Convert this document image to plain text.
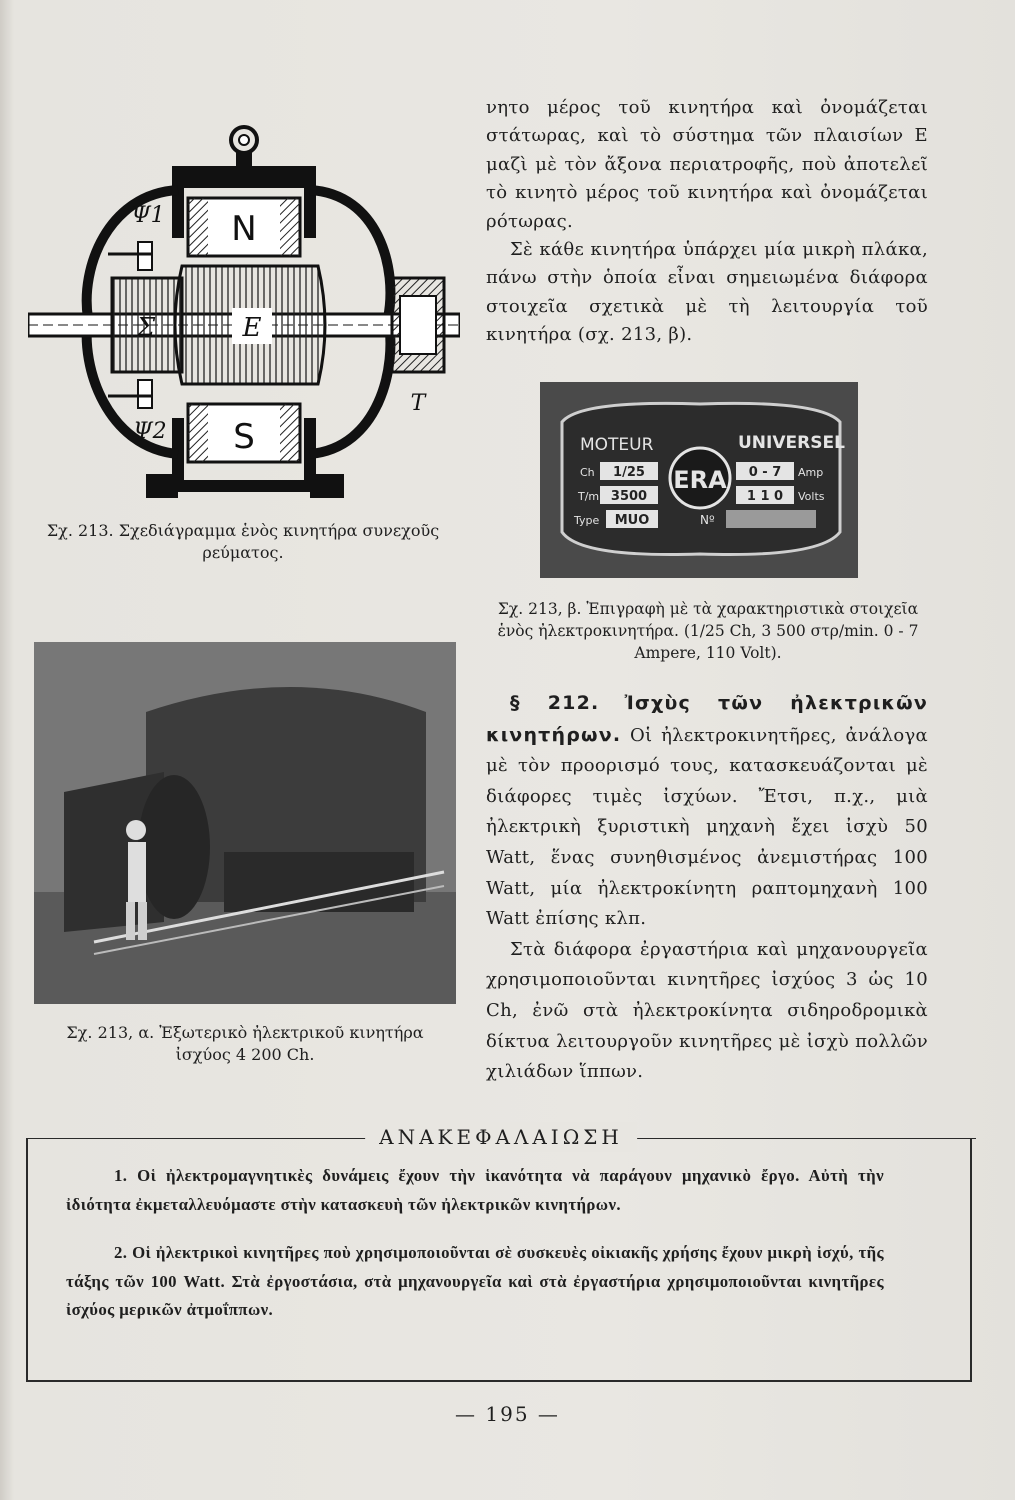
N
S
Σ	E
Ψ1
Ψ2
T
Σχ. 213. Σχεδιάγραμμα ἑνὸς κινητήρα συνεχοῦς ρεύματος.
Σχ. 213, α. Ἐξωτερικὸ ἠλεκτρικοῦ κινητήρα
ἰσχύος 4 200 Ch.

νητο μέρος τοῦ κινητήρα καὶ ὀνομάζεται στάτωρας, καὶ τὸ σύστημα τῶν πλαισίων Ε μαζὶ μὲ τὸν ἄξονα περιατροφῆς, ποὺ ἀποτελεῖ τὸ κινητὸ μέρος τοῦ κινητήρα καὶ ὀνομάζεται ρότωρας.

Σὲ κάθε κινητήρα ὑπάρχει μία μικρὴ πλάκα, πάνω στὴν ὁποία εἶναι σημειωμένα διάφορα στοιχεῖα σχετικὰ μὲ τὴ λειτουργία τοῦ κινητήρα (σχ. 213, β).

MOTEUR	UNIVERSEL
ERA
Ch 1/25
T/m 3500
Type MUO
0 - 7 Amp
1 1 0 Volts
Nº
Σχ. 213, β. Ἐπιγραφὴ μὲ τὰ χαρακτηριστικὰ στοιχεῖα ἑνὸς ἠλεκτροκινητήρα. (1/25 Ch, 3 500 στρ/min. 0 - 7 Ampere, 110 Volt).

§ 212. Ἰσχὺς τῶν ἠλεκτρικῶν κινητήρων. Οἱ ἠλεκτροκινητῆρες, ἀνάλογα μὲ τὸν προορισμό τους, κατασκευάζονται μὲ διάφορες τιμὲς ἰσχύων. Ἔτσι, π.χ., μιὰ ἠλεκτρικὴ ξυριστικὴ μηχανὴ ἔχει ἰσχὺ 50 Watt, ἕνας συνηθισμένος ἀνεμιστήρας 100 Watt, μία ἠλεκτροκίνητη ραπτομηχανὴ 100 Watt ἐπίσης κλπ.

Στὰ διάφορα ἐργαστήρια καὶ μηχανουργεῖα χρησιμοποιοῦνται κινητῆρες ἰσχύος 3 ὡς 10 Ch, ἐνῶ στὰ ἠλεκτροκίνητα σιδηροδρομικὰ δίκτυα λειτουργοῦν κινητῆρες μὲ ἰσχὺ πολλῶν χιλιάδων ἵππων.

ΑΝΑΚΕΦΑΛΑΙΩΣΗ

1. Οἱ ἠλεκτρομαγνητικὲς δυνάμεις ἔχουν τὴν ἱκανότητα νὰ παράγουν μηχανικὸ ἔργο. Αὐτὴ τὴν ἰδιότητα ἐκμεταλλευόμαστε στὴν κατασκευὴ τῶν ἠλεκτρικῶν κινητήρων.

2. Οἱ ἠλεκτρικοὶ κινητῆρες ποὺ χρησιμοποιοῦνται σὲ συσκευὲς οἰκιακῆς χρήσης ἔχουν μικρὴ ἰσχύ, τῆς τάξης τῶν 100 Watt. Στὰ ἐργοστάσια, στὰ μηχανουργεῖα καὶ στὰ ἐργαστήρια χρησιμοποιοῦνται κινητῆρες ἰσχύος μερικῶν ἀτμοΐππων.

— 195 —
